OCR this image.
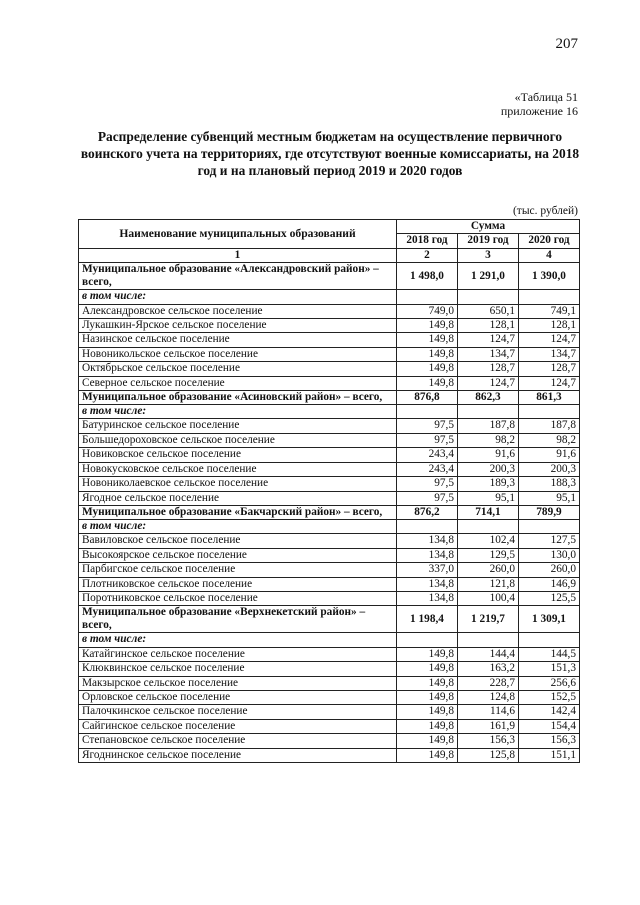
207
«Таблица 51
приложение 16
Распределение субвенций местным бюджетам на осуществление первичного воинского учета на территориях, где отсутствуют военные комиссариаты, на 2018 год и на плановый период 2019 и 2020 годов
(тыс. рублей)
Наименование муниципальных образований	Сумма		
	2018 год	2019 год	2020 год
1	2	3	4
Муниципальное образование «Александровский район» – всего,	1 498,0	1 291,0	1 390,0
в том числе:			
Александровское сельское поселение	749,0	650,1	749,1
Лукашкин-Ярское сельское поселение	149,8	128,1	128,1
Назинское сельское поселение	149,8	124,7	124,7
Новоникольское сельское поселение	149,8	134,7	134,7
Октябрьское сельское поселение	149,8	128,7	128,7
Северное сельское поселение	149,8	124,7	124,7
Муниципальное образование «Асиновский район» – всего,	876,8	862,3	861,3
в том числе:			
Батуринское сельское поселение	97,5	187,8	187,8
Большедороховское сельское поселение	97,5	98,2	98,2
Новиковское сельское поселение	243,4	91,6	91,6
Новокусковское сельское поселение	243,4	200,3	200,3
Новониколаевское сельское поселение	97,5	189,3	188,3
Ягодное сельское поселение	97,5	95,1	95,1
Муниципальное образование «Бакчарский район» – всего,	876,2	714,1	789,9
в том числе:			
Вавиловское сельское поселение	134,8	102,4	127,5
Высокоярское сельское поселение	134,8	129,5	130,0
Парбигское сельское поселение	337,0	260,0	260,0
Плотниковское сельское поселение	134,8	121,8	146,9
Поротниковское сельское поселение	134,8	100,4	125,5
Муниципальное образование «Верхнекетский район» – всего,	1 198,4	1 219,7	1 309,1
в том числе:			
Катайгинское сельское поселение	149,8	144,4	144,5
Клюквинское сельское поселение	149,8	163,2	151,3
Макзырское сельское поселение	149,8	228,7	256,6
Орловское сельское поселение	149,8	124,8	152,5
Палочкинское сельское поселение	149,8	114,6	142,4
Сайгинское сельское поселение	149,8	161,9	154,4
Степановское сельское поселение	149,8	156,3	156,3
Ягоднинское сельское поселение	149,8	125,8	151,1
